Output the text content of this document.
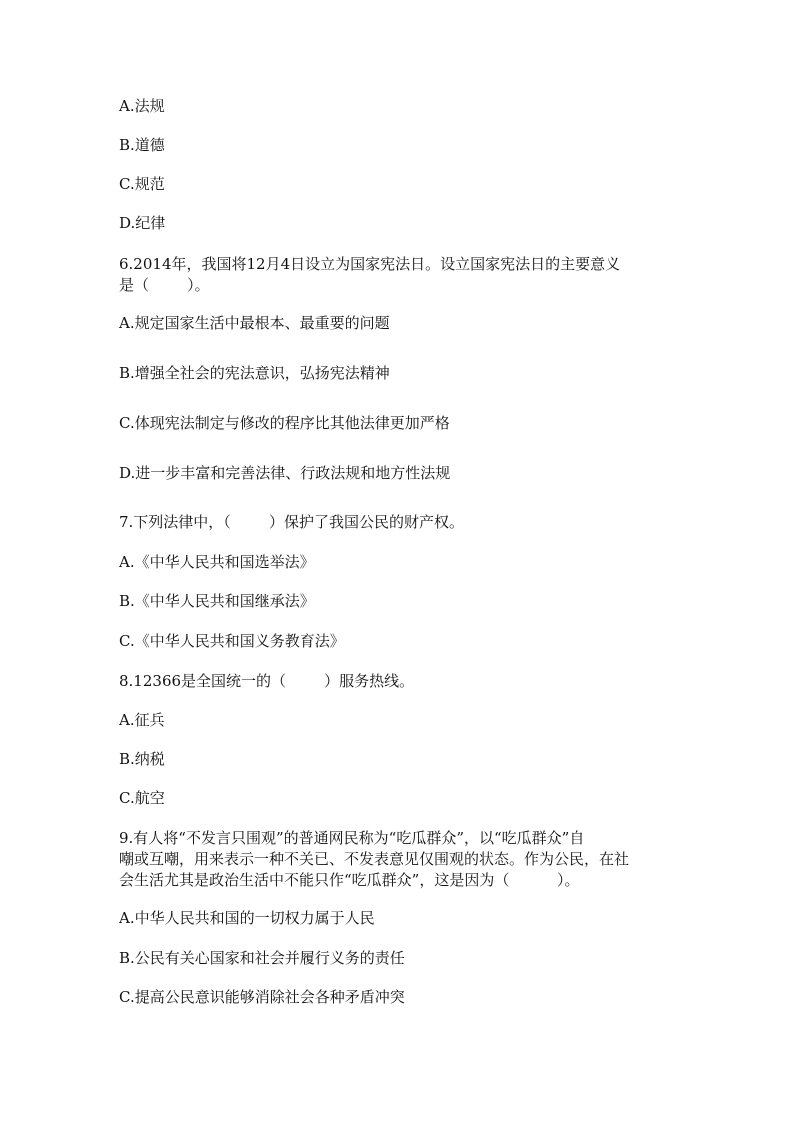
A.法规

B.道德

C.规范

D.纪律

6.2014年，我国将12月4日设立为国家宪法日。设立国家宪法日的主要意义

是（        ）。

A.规定国家生活中最根本、最重要的问题

B.增强全社会的宪法意识，弘扬宪法精神

C.体现宪法制定与修改的程序比其他法律更加严格

D.进一步丰富和完善法律、行政法规和地方性法规

7.下列法律中，（        ）保护了我国公民的财产权。

A.《中华人民共和国选举法》

B.《中华人民共和国继承法》

C.《中华人民共和国义务教育法》

8.12366是全国统一的（        ）服务热线。

A.征兵

B.纳税

C.航空

9.有人将“不发言只围观”的普通网民称为“吃瓜群众”，以“吃瓜群众”自

嘲或互嘲，用来表示一种不关已、不发表意见仅围观的状态。作为公民，在社

会生活尤其是政治生活中不能只作“吃瓜群众”，这是因为（          ）。

A.中华人民共和国的一切权力属于人民

B.公民有关心国家和社会并履行义务的责任

C.提高公民意识能够消除社会各种矛盾冲突
